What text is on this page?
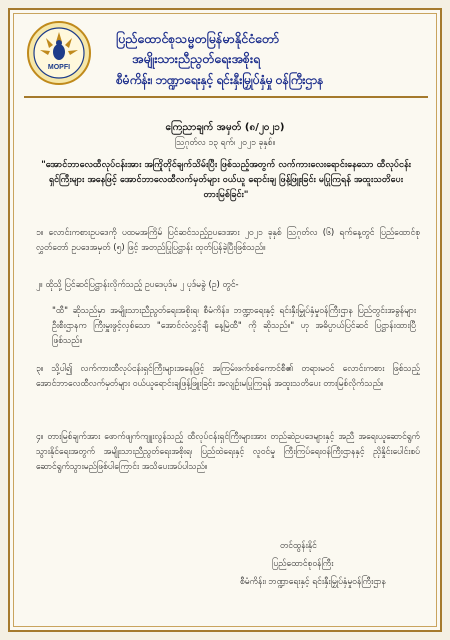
MOPFI
ပြည်ထောင်စုသမ္မတမြန်မာနိုင်ငံတော်
အမျိုးသားညီညွတ်ရေးအစိုးရ
စီမံကိန်း၊ ဘဏ္ဍာရေးနှင့် ရင်းနှီးမြှုပ်နှံမှု ဝန်ကြီးဌာန
ကြေညာချက် အမှတ် (၈/၂၀၂၁)
ဩဂုတ်လ ၁၃ ရက်၊ ၂၀၂၁ ခုနှစ်။
"အောင်ဘာလေထီလုပ်ငန်းအား အကြိုတိုင်ချက်သိမ်းပြီး ဖြစ်သည့်အတွက် လက်ကားလေးရောင်းနေသော ထီလုပ်ငန်းရှင်ကြီးများ အနေဖြင့် အောင်ဘာလေထီလက်မှတ်များ ဝယ်ယူ ရောင်းချ ဖြန့်ဖြူးခြင်း မပြုကြရန် အထူးသတိပေး တားမြစ်ခြင်း"
၁။ လောင်းကစားဥပဒေကို ပထမအကြိမ် ပြင်ဆင်သည့်ဥပဒေအား ၂၀၂၁ ခုနှစ် ဩဂုတ်လ (၆) ရက်နေ့တွင် ပြည်ထောင်စုလွှတ်တော် ဥပဒေအမှတ် (၅) ဖြင့် အတည်ပြုပြဋ္ဌာန်း ထုတ်ပြန်ခဲ့ပြီးဖြစ်သည်။
၂။ ထိုသို့ ပြင်ဆင်ပြဋ္ဌာန်းလိုက်သည့် ဥပဒေပုဒ်မ ၂ ပုဒ်မခွဲ (ဥ) တွင်-
"ထီ" ဆိုသည်မှာ အမျိုးသားညီညွတ်ရေးအစိုးရ၊ စီမံကိန်း၊ ဘဏ္ဍာရေးနှင့် ရင်းနှီးမြှုပ်နှံမှုဝန်ကြီးဌာန ပြည်တွင်းအခွန်များဦးစီးဌာနက ကြီးမှူးဖွင့်လှစ်သော "အောင်လံလွှင့်ချီ နေ့မြဲထီ" ကို ဆိုသည်။" ဟု အဓိပ္ပာယ်ပြင်ဆင် ပြဋ္ဌာန်းထားပြီဖြစ်သည်။
၃။ သို့ပါ၍ လက်ကားထီလုပ်ငန်းရှင်ကြီးများအနေဖြင့် အကြမ်းဖက်စစ်ကောင်စီ၏ တရားမဝင် လောင်းကစား ဖြစ်သည့် အောင်ဘာလေထီလက်မှတ်များ ဝယ်ယူရောင်းချဖြန့်ဖြူးခြင်း အလျဉ်းမပြုကြရန် အထူးသတိပေး တားမြစ်လိုက်သည်။
၄။ တားမြစ်ချက်အား ဖောက်ဖျက်ကျူးလွန်သည့် ထီလုပ်ငန်းရှင်ကြီးများအား တည်ဆဲဥပဒေများနှင့် အညီ အရေးယူဆောင်ရွက်သွားနိုင်ရေးအတွက် အမျိုးသားညီညွတ်ရေးအစိုးရ၊ ပြည်ထဲရေးနှင့် လူဝင်မှု ကြီးကြပ်ရေးဝန်ကြီးဌာနနှင့် ညှိနှိုင်းပေါင်းစပ်ဆောင်ရွက်သွားမည်ဖြစ်ပါကြောင်း အသိပေးအပ်ပါသည်။
တင်ထွန်းနိုင်
ပြည်ထောင်စုဝန်ကြီး
စီမံကိန်း၊ ဘဏ္ဍာရေးနှင့် ရင်းနှီးမြှုပ်နှံမှုဝန်ကြီးဌာန
